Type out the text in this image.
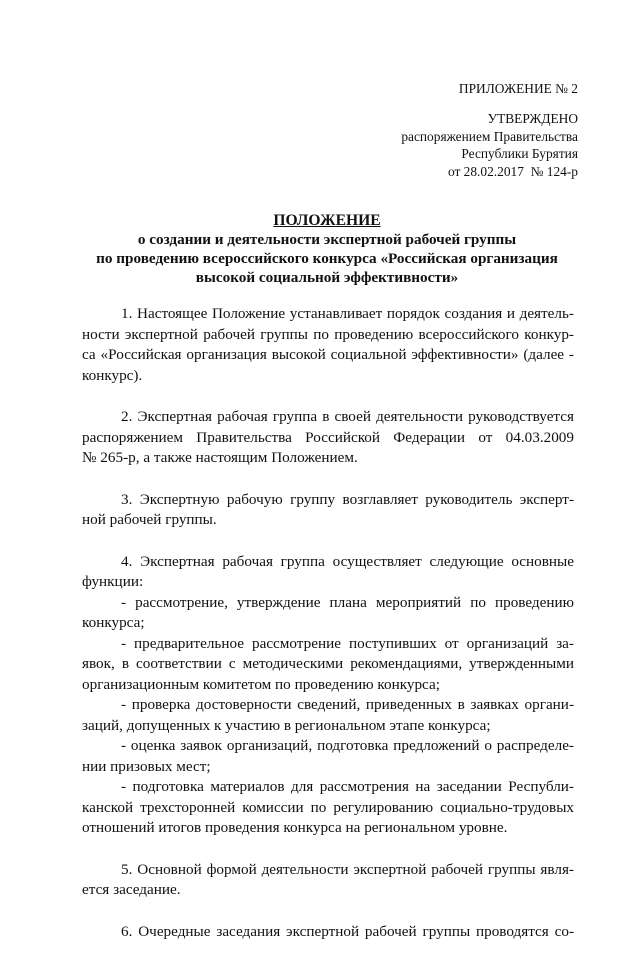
ПРИЛОЖЕНИЕ № 2
УТВЕРЖДЕНО
распоряжением Правительства
Республики Бурятия
от 28.02.2017  № 124-р
ПОЛОЖЕНИЕ
о создании и деятельности экспертной рабочей группы
по проведению всероссийского конкурса «Российская организация
высокой социальной эффективности»
1. Настоящее Положение устанавливает порядок создания и деятель-
ности экспертной рабочей группы по проведению всероссийского конкур-
са «Российская организация высокой социальной эффективности» (далее -
конкурс).
2. Экспертная рабочая группа в своей деятельности руководствуется
распоряжением Правительства Российской Федерации от 04.03.2009
№ 265-р, а также настоящим Положением.
3. Экспертную рабочую группу возглавляет руководитель эксперт-
ной рабочей группы.
4. Экспертная рабочая группа осуществляет следующие основные
функции:
- рассмотрение, утверждение плана мероприятий по проведению
конкурса;
- предварительное рассмотрение поступивших от организаций за-
явок, в соответствии с методическими рекомендациями, утвержденными
организационным комитетом по проведению конкурса;
- проверка достоверности сведений, приведенных в заявках органи-
заций, допущенных к участию в региональном этапе конкурса;
- оценка заявок организаций, подготовка предложений о распределе-
нии призовых мест;
- подготовка материалов для рассмотрения на заседании Республи-
канской трехсторонней комиссии по регулированию социально-трудовых
отношений итогов проведения конкурса на региональном уровне.
5. Основной формой деятельности экспертной рабочей группы явля-
ется заседание.
6. Очередные заседания экспертной рабочей группы проводятся со-
